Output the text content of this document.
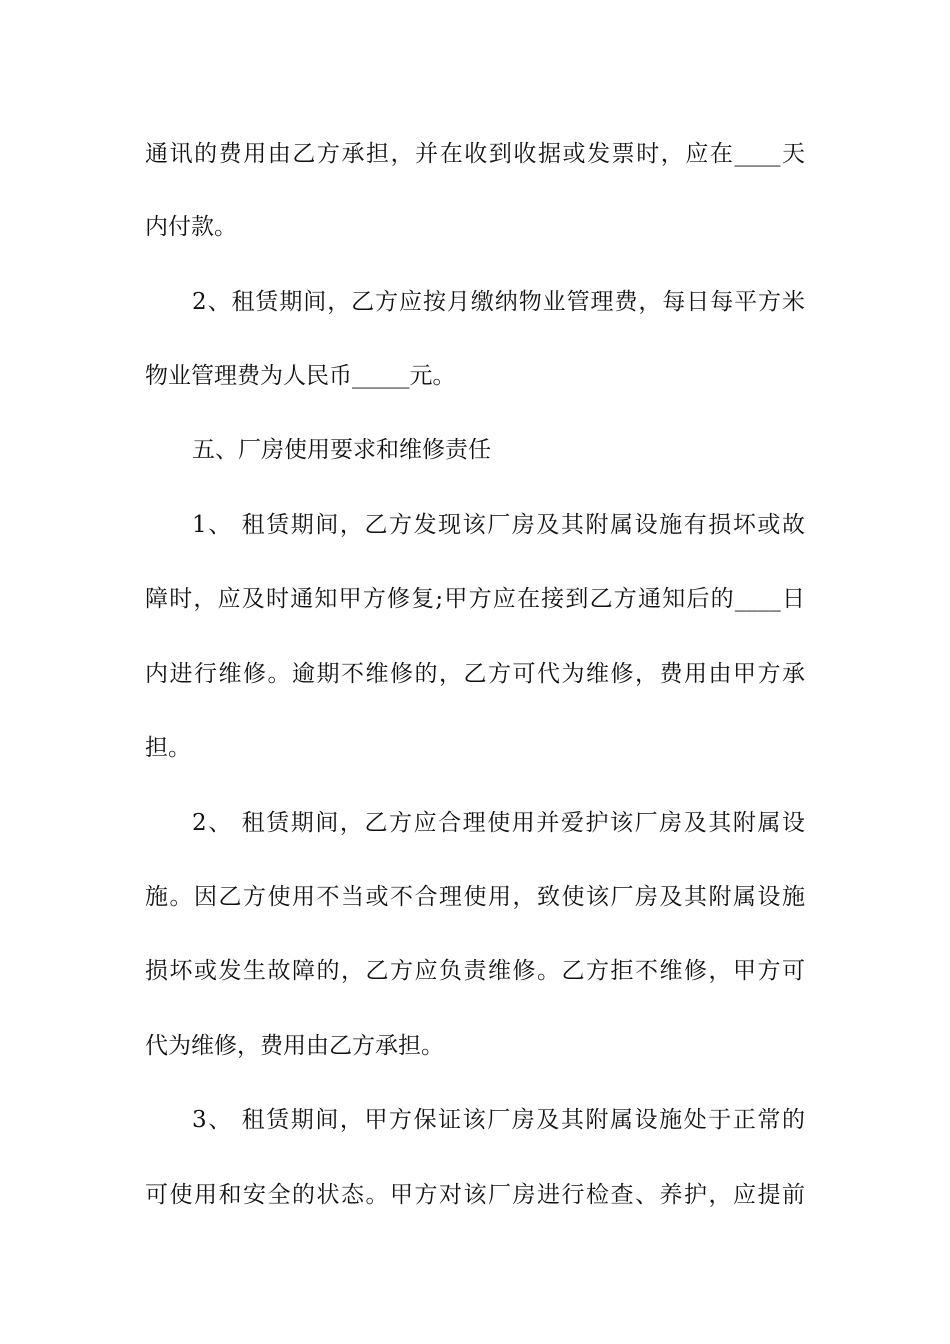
通讯的费用由乙方承担，并在收到收据或发票时，应在____天
内付款。
2、租赁期间，乙方应按月缴纳物业管理费，每日每平方米
物业管理费为人民币_____元。
五、厂房使用要求和维修责任
1、 租赁期间，乙方发现该厂房及其附属设施有损坏或故
障时，应及时通知甲方修复;甲方应在接到乙方通知后的____日
内进行维修。逾期不维修的，乙方可代为维修，费用由甲方承
担。
2、 租赁期间，乙方应合理使用并爱护该厂房及其附属设
施。因乙方使用不当或不合理使用，致使该厂房及其附属设施
损坏或发生故障的，乙方应负责维修。乙方拒不维修，甲方可
代为维修，费用由乙方承担。
3、 租赁期间，甲方保证该厂房及其附属设施处于正常的
可使用和安全的状态。甲方对该厂房进行检查、养护，应提前
